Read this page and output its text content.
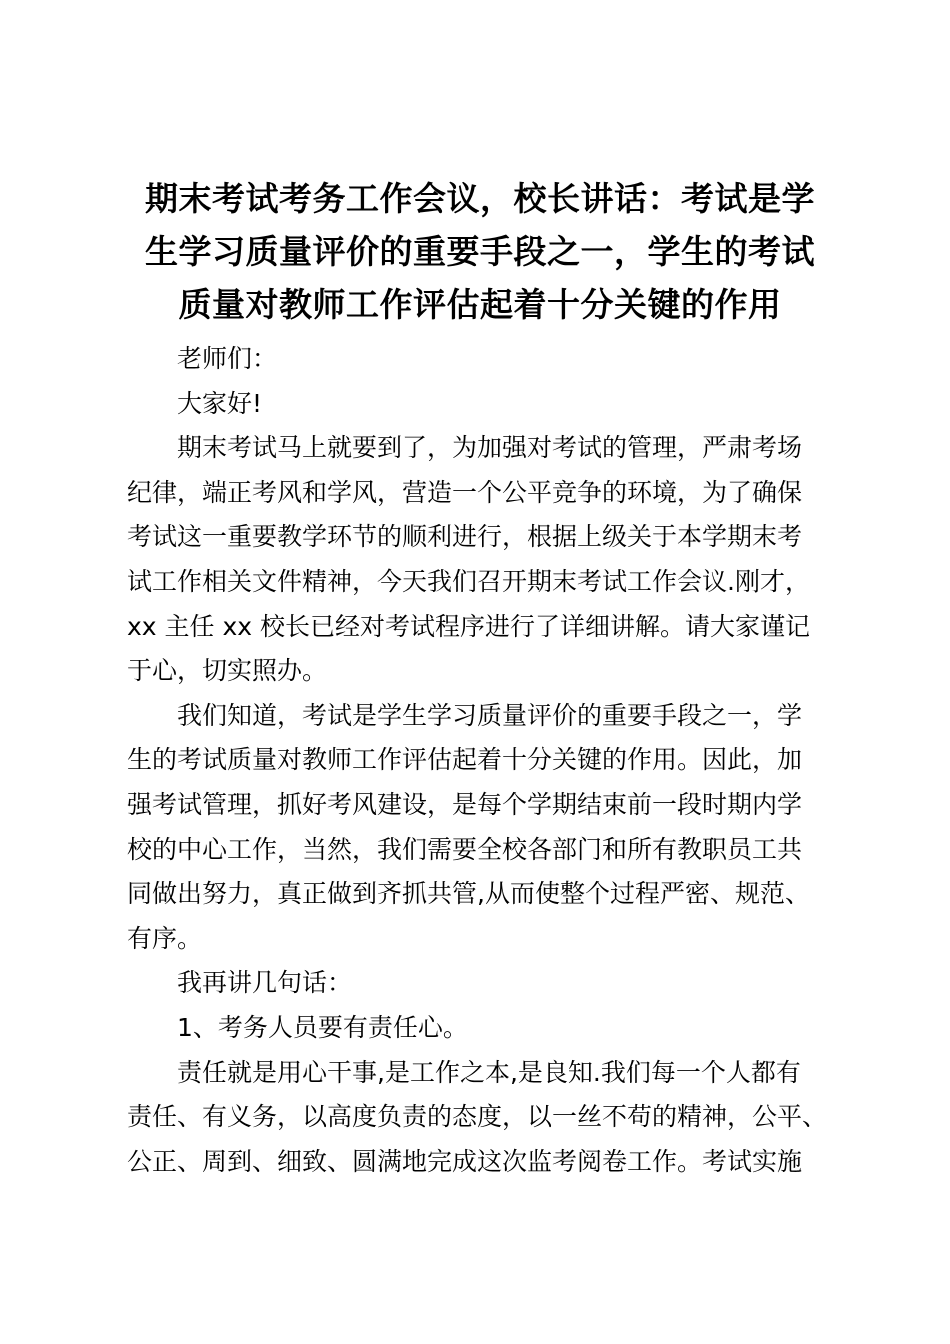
期末考试考务工作会议，校长讲话：考试是学
生学习质量评价的重要手段之一，学生的考试
质量对教师工作评估起着十分关键的作用

老师们：

大家好!

期末考试马上就要到了，为加强对考试的管理，严肃考场
纪律，端正考风和学风，营造一个公平竞争的环境，为了确保
考试这一重要教学环节的顺利进行，根据上级关于本学期末考
试工作相关文件精神，今天我们召开期末考试工作会议.刚才，
xx 主任 xx 校长已经对考试程序进行了详细讲解。请大家谨记
于心，切实照办。

我们知道，考试是学生学习质量评价的重要手段之一，学
生的考试质量对教师工作评估起着十分关键的作用。因此，加
强考试管理，抓好考风建设，是每个学期结束前一段时期内学
校的中心工作，当然，我们需要全校各部门和所有教职员工共
同做出努力，真正做到齐抓共管,从而使整个过程严密、规范、
有序。

我再讲几句话：

1、考务人员要有责任心。

责任就是用心干事,是工作之本,是良知.我们每一个人都有
责任、有义务，以高度负责的态度，以一丝不苟的精神，公平、
公正、周到、细致、圆满地完成这次监考阅卷工作。考试实施
